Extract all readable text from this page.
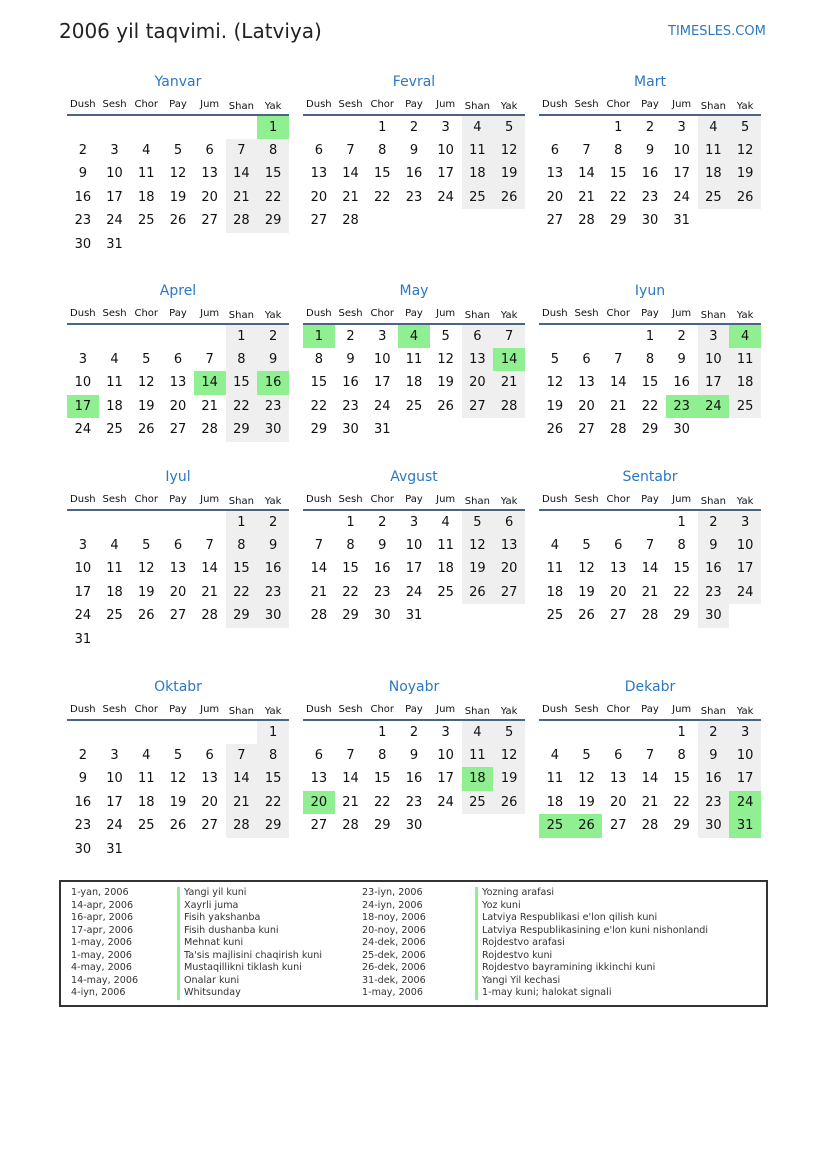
2006 yil taqvimi. (Latviya)	TIMESLES.COM
Yanvar
Dush	Sesh	Chor	Pay	Jum	Shan	Yak
						1
2	3	4	5	6	7	8
9	10	11	12	13	14	15
16	17	18	19	20	21	22
23	24	25	26	27	28	29
30	31					
Fevral
Dush	Sesh	Chor	Pay	Jum	Shan	Yak
		1	2	3	4	5
6	7	8	9	10	11	12
13	14	15	16	17	18	19
20	21	22	23	24	25	26
27	28					
Mart
Dush	Sesh	Chor	Pay	Jum	Shan	Yak
		1	2	3	4	5
6	7	8	9	10	11	12
13	14	15	16	17	18	19
20	21	22	23	24	25	26
27	28	29	30	31		
Aprel
Dush	Sesh	Chor	Pay	Jum	Shan	Yak
					1	2
3	4	5	6	7	8	9
10	11	12	13	14	15	16
17	18	19	20	21	22	23
24	25	26	27	28	29	30
May
Dush	Sesh	Chor	Pay	Jum	Shan	Yak
1	2	3	4	5	6	7
8	9	10	11	12	13	14
15	16	17	18	19	20	21
22	23	24	25	26	27	28
29	30	31				
Iyun
Dush	Sesh	Chor	Pay	Jum	Shan	Yak
			1	2	3	4
5	6	7	8	9	10	11
12	13	14	15	16	17	18
19	20	21	22	23	24	25
26	27	28	29	30		
Iyul
Dush	Sesh	Chor	Pay	Jum	Shan	Yak
					1	2
3	4	5	6	7	8	9
10	11	12	13	14	15	16
17	18	19	20	21	22	23
24	25	26	27	28	29	30
31						
Avgust
Dush	Sesh	Chor	Pay	Jum	Shan	Yak
	1	2	3	4	5	6
7	8	9	10	11	12	13
14	15	16	17	18	19	20
21	22	23	24	25	26	27
28	29	30	31			
Sentabr
Dush	Sesh	Chor	Pay	Jum	Shan	Yak
				1	2	3
4	5	6	7	8	9	10
11	12	13	14	15	16	17
18	19	20	21	22	23	24
25	26	27	28	29	30	
Oktabr
Dush	Sesh	Chor	Pay	Jum	Shan	Yak
						1
2	3	4	5	6	7	8
9	10	11	12	13	14	15
16	17	18	19	20	21	22
23	24	25	26	27	28	29
30	31					
Noyabr
Dush	Sesh	Chor	Pay	Jum	Shan	Yak
		1	2	3	4	5
6	7	8	9	10	11	12
13	14	15	16	17	18	19
20	21	22	23	24	25	26
27	28	29	30			
Dekabr
Dush	Sesh	Chor	Pay	Jum	Shan	Yak
				1	2	3
4	5	6	7	8	9	10
11	12	13	14	15	16	17
18	19	20	21	22	23	24
25	26	27	28	29	30	31
1-yan, 2006	Yangi yil kuni
14-apr, 2006	Xayrli juma
16-apr, 2006	Fisih yakshanba
17-apr, 2006	Fisih dushanba kuni
1-may, 2006	Mehnat kuni
1-may, 2006	Ta'sis majlisini chaqirish kuni
4-may, 2006	Mustaqillikni tiklash kuni
14-may, 2006	Onalar kuni
4-iyn, 2006	Whitsunday
23-iyn, 2006	Yozning arafasi
24-iyn, 2006	Yoz kuni
18-noy, 2006	Latviya Respublikasi e'lon qilish kuni
20-noy, 2006	Latviya Respublikasining e'lon kuni nishonlandi
24-dek, 2006	Rojdestvo arafasi
25-dek, 2006	Rojdestvo kuni
26-dek, 2006	Rojdestvo bayramining ikkinchi kuni
31-dek, 2006	Yangi Yil kechasi
1-may, 2006	1-may kuni; halokat signali
